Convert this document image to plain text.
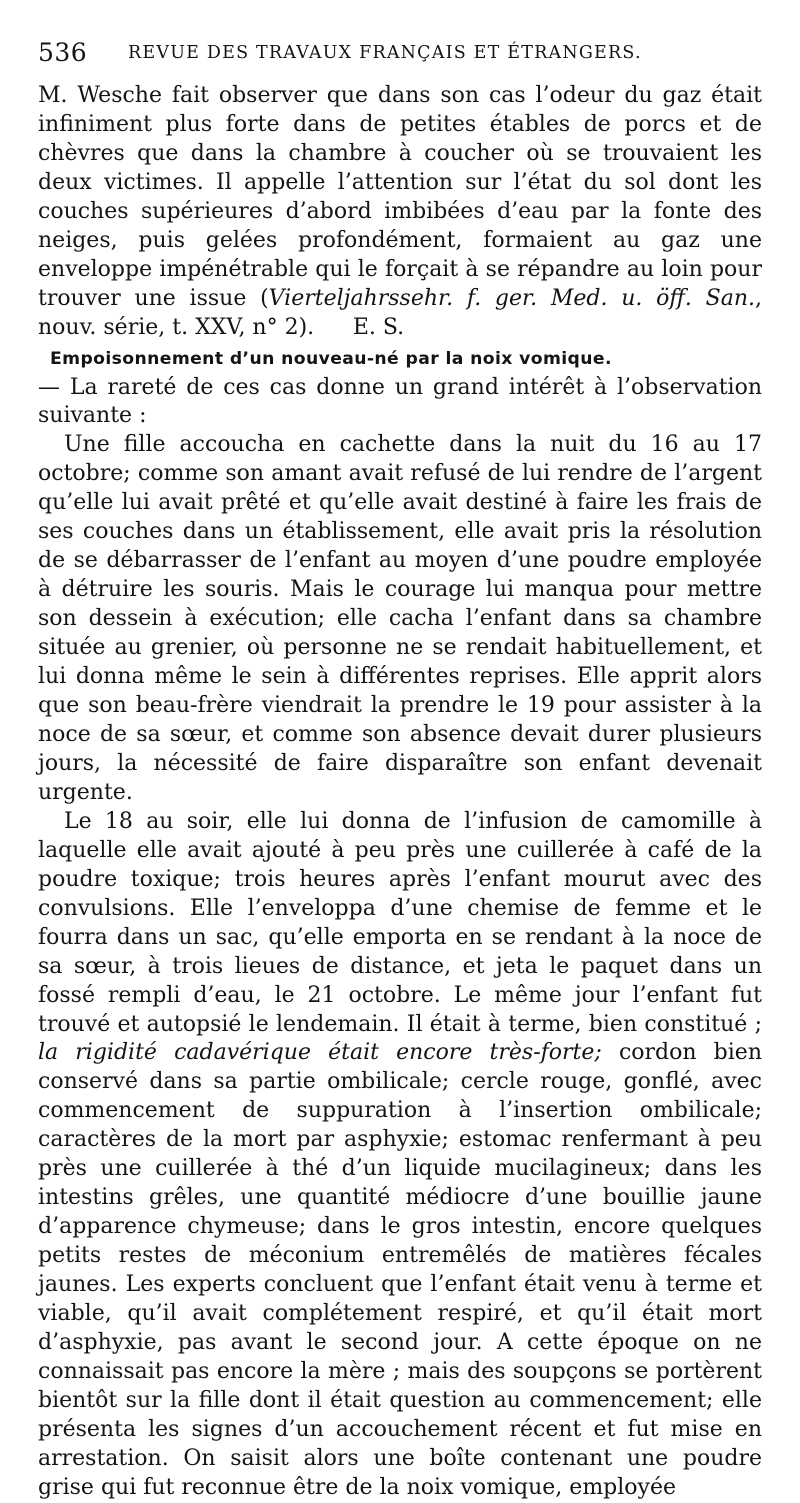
536 REVUE DES TRAVAUX FRANÇAIS ET ÉTRANGERS.

M. Wesche fait observer que dans son cas l’odeur du gaz était infiniment plus forte dans de petites étables de porcs et de chèvres que dans la chambre à coucher où se trouvaient les deux victimes. Il appelle l’attention sur l’état du sol dont les couches supérieures d’abord imbibées d’eau par la fonte des neiges, puis gelées profondément, formaient au gaz une enveloppe impénétrable qui le forçait à se répandre au loin pour trouver une issue (Vierteljahrssehr. f. ger. Med. u. öff. San., nouv. série, t. XXV, n° 2). E. S.

Empoisonnement d’un nouveau-né par la noix vomique.

— La rareté de ces cas donne un grand intérêt à l’observation suivante :

Une fille accoucha en cachette dans la nuit du 16 au 17 octobre; comme son amant avait refusé de lui rendre de l’argent qu’elle lui avait prêté et qu’elle avait destiné à faire les frais de ses couches dans un établissement, elle avait pris la résolution de se débarrasser de l’enfant au moyen d’une poudre employée à détruire les souris. Mais le courage lui manqua pour mettre son dessein à exécution; elle cacha l’enfant dans sa chambre située au grenier, où personne ne se rendait habituellement, et lui donna même le sein à différentes reprises. Elle apprit alors que son beau-frère viendrait la prendre le 19 pour assister à la noce de sa sœur, et comme son absence devait durer plusieurs jours, la nécessité de faire disparaître son enfant devenait urgente.

Le 18 au soir, elle lui donna de l’infusion de camomille à laquelle elle avait ajouté à peu près une cuillerée à café de la poudre toxique; trois heures après l’enfant mourut avec des convulsions. Elle l’enveloppa d’une chemise de femme et le fourra dans un sac, qu’elle emporta en se rendant à la noce de sa sœur, à trois lieues de distance, et jeta le paquet dans un fossé rempli d’eau, le 21 octobre. Le même jour l’enfant fut trouvé et autopsié le lendemain. Il était à terme, bien constitué ; la rigidité cadavérique était encore très-forte; cordon bien conservé dans sa partie ombilicale; cercle rouge, gonflé, avec commencement de suppuration à l’insertion ombilicale; caractères de la mort par asphyxie; estomac renfermant à peu près une cuillerée à thé d’un liquide mucilagineux; dans les intestins grêles, une quantité médiocre d’une bouillie jaune d’apparence chymeuse; dans le gros intestin, encore quelques petits restes de méconium entremêlés de matières fécales jaunes. Les experts concluent que l’enfant était venu à terme et viable, qu’il avait complétement respiré, et qu’il était mort d’asphyxie, pas avant le second jour. A cette époque on ne connaissait pas encore la mère ; mais des soupçons se portèrent bientôt sur la fille dont il était question au commencement; elle présenta les signes d’un accouchement récent et fut mise en arrestation. On saisit alors une boîte contenant une poudre grise qui fut reconnue être de la noix vomique, employée
